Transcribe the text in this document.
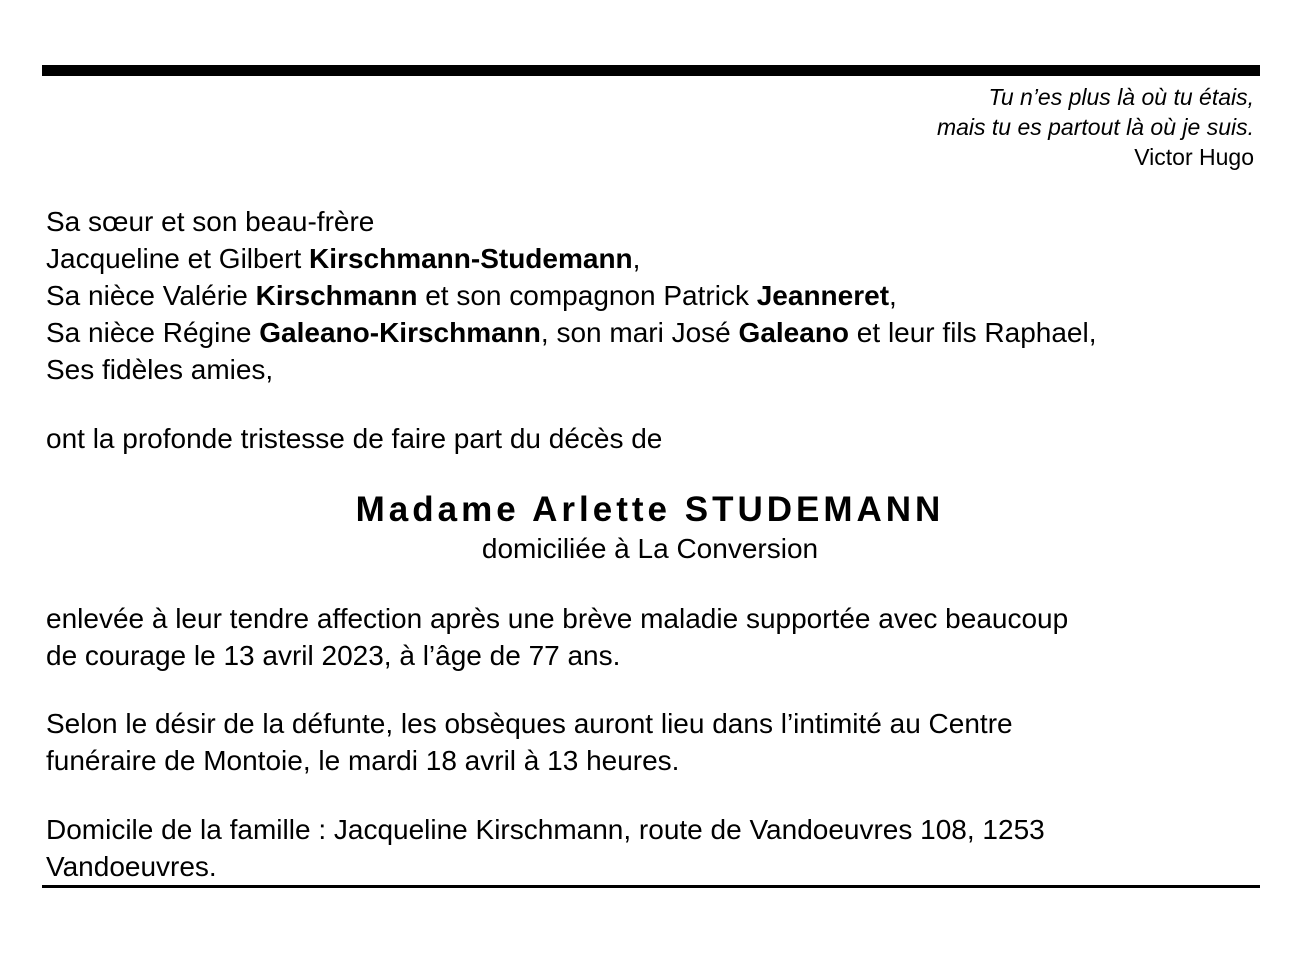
Tu n’es plus là où tu étais,
mais tu es partout là où je suis.
Victor Hugo
Sa sœur et son beau-frère
Jacqueline et Gilbert Kirschmann-Studemann,
Sa nièce Valérie Kirschmann et son compagnon Patrick Jeanneret,
Sa nièce Régine Galeano-Kirschmann, son mari José Galeano et leur fils Raphael,
Ses fidèles amies,
ont la profonde tristesse de faire part du décès de
Madame Arlette STUDEMANN
domiciliée à La Conversion
enlevée à leur tendre affection après une brève maladie supportée avec beaucoup
de courage le 13 avril 2023, à l’âge de 77 ans.
Selon le désir de la défunte, les obsèques auront lieu dans l’intimité au Centre
funéraire de Montoie, le mardi 18 avril à 13 heures.
Domicile de la famille : Jacqueline Kirschmann, route de Vandoeuvres 108, 1253
Vandoeuvres.
